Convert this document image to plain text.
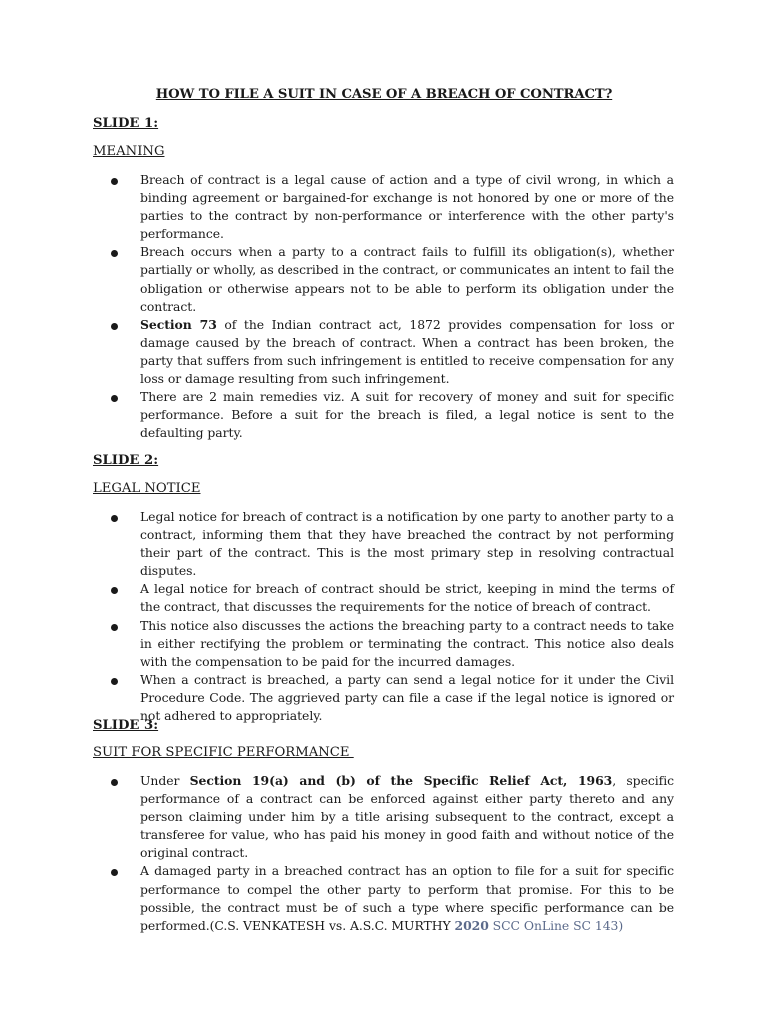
HOW TO FILE A SUIT IN CASE OF A BREACH OF CONTRACT?
SLIDE 1:
MEANING
Breach of contract is a legal cause of action and a type of civil wrong, in which a binding agreement or bargained-for exchange is not honored by one or more of the parties to the contract by non-performance or interference with the other party's performance.
Breach occurs when a party to a contract fails to fulfill its obligation(s), whether partially or wholly, as described in the contract, or communicates an intent to fail the obligation or otherwise appears not to be able to perform its obligation under the contract.
Section 73 of the Indian contract act, 1872 provides compensation for loss or damage caused by the breach of contract. When a contract has been broken, the party that suffers from such infringement is entitled to receive compensation for any loss or damage resulting from such infringement.
There are 2 main remedies viz. A suit for recovery of money and suit for specific performance. Before a suit for the breach is filed, a legal notice is sent to the defaulting party.
SLIDE 2:
LEGAL NOTICE
Legal notice for breach of contract is a notification by one party to another party to a contract, informing them that they have breached the contract by not performing their part of the contract. This is the most primary step in resolving contractual disputes.
A legal notice for breach of contract should be strict, keeping in mind the terms of the contract, that discusses the requirements for the notice of breach of contract.
This notice also discusses the actions the breaching party to a contract needs to take in either rectifying the problem or terminating the contract. This notice also deals with the compensation to be paid for the incurred damages.
When a contract is breached, a party can send a legal notice for it under the Civil Procedure Code. The aggrieved party can file a case if the legal notice is ignored or not adhered to appropriately.
SLIDE 3:
SUIT FOR SPECIFIC PERFORMANCE
Under Section 19(a) and (b) of the Specific Relief Act, 1963, specific performance of a contract can be enforced against either party thereto and any person claiming under him by a title arising subsequent to the contract, except a transferee for value, who has paid his money in good faith and without notice of the original contract.
A damaged party in a breached contract has an option to file for a suit for specific performance to compel the other party to perform that promise. For this to be possible, the contract must be of such a type where specific performance can be performed.(C.S. VENKATESH vs. A.S.C. MURTHY 2020 SCC OnLine SC 143)
